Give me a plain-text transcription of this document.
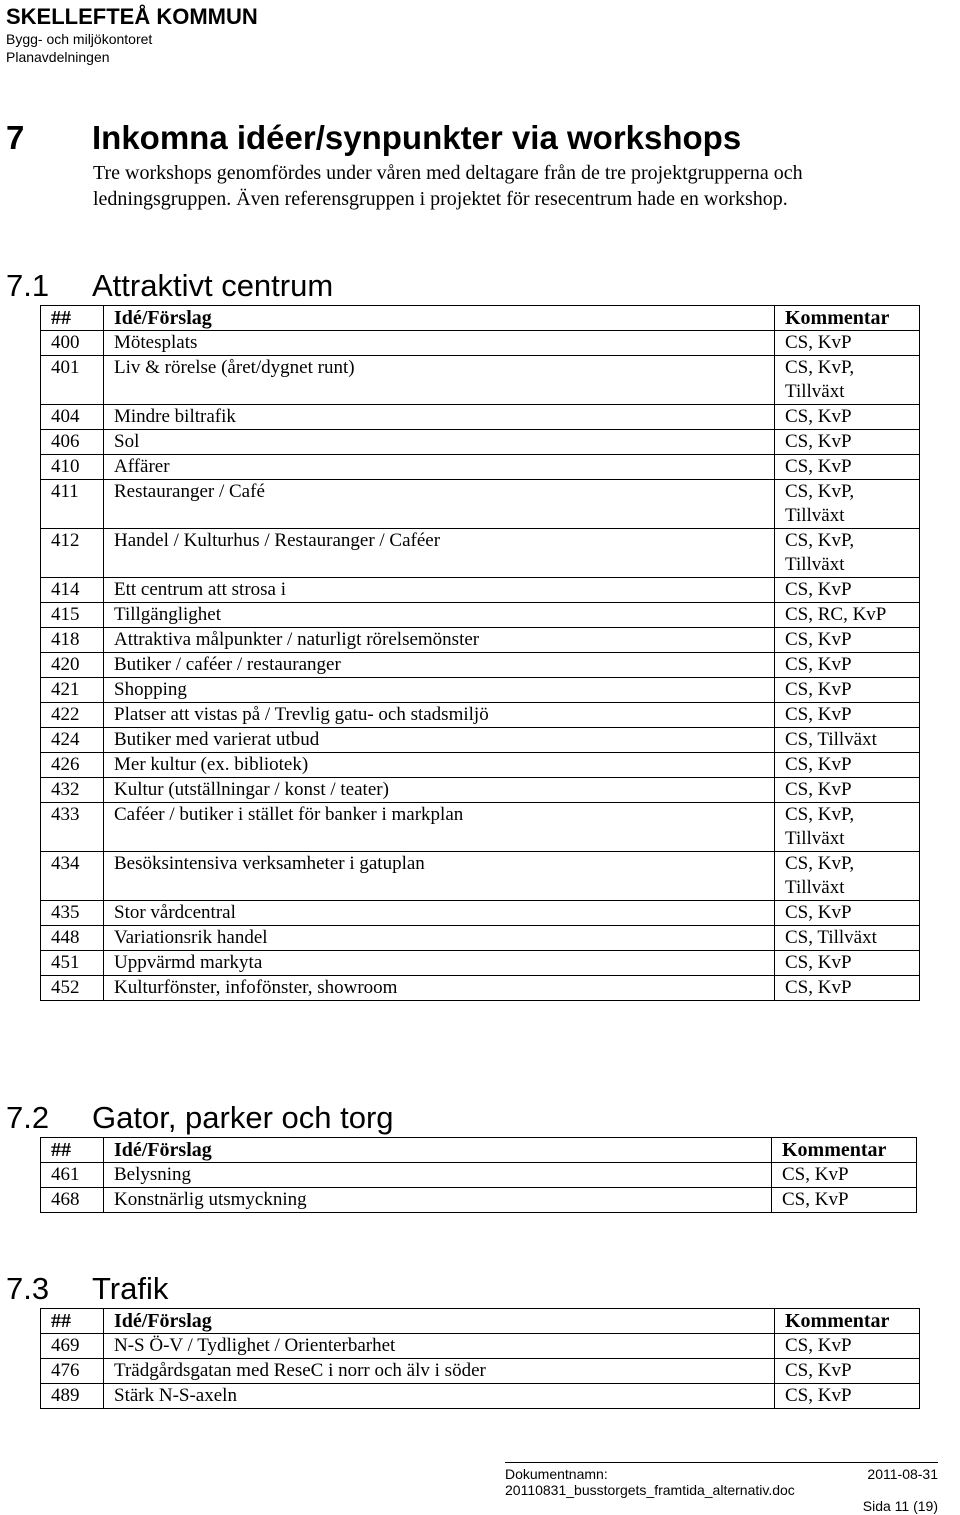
SKELLEFTEÅ KOMMUN
Bygg- och miljökontoret
Planavdelningen
7 Inkomna idéer/synpunkter via workshops
Tre workshops genomfördes under våren med deltagare från de tre projektgrupperna och ledningsgruppen. Även referensgruppen i projektet för resecentrum hade en workshop.
7.1 Attraktivt centrum
##	Idé/Förslag	Kommentar
400	Mötesplats	CS, KvP
401	Liv & rörelse (året/dygnet runt)	CS, KvP, Tillväxt
404	Mindre biltrafik	CS, KvP
406	Sol	CS, KvP
410	Affärer	CS, KvP
411	Restauranger / Café	CS, KvP, Tillväxt
412	Handel / Kulturhus / Restauranger / Caféer	CS, KvP, Tillväxt
414	Ett centrum att strosa i	CS, KvP
415	Tillgänglighet	CS, RC, KvP
418	Attraktiva målpunkter / naturligt rörelsemönster	CS, KvP
420	Butiker / caféer / restauranger	CS, KvP
421	Shopping	CS, KvP
422	Platser att vistas på / Trevlig gatu- och stadsmiljö	CS, KvP
424	Butiker med varierat utbud	CS, Tillväxt
426	Mer kultur (ex. bibliotek)	CS, KvP
432	Kultur (utställningar / konst / teater)	CS, KvP
433	Caféer / butiker i stället för banker i markplan	CS, KvP, Tillväxt
434	Besöksintensiva verksamheter i gatuplan	CS, KvP, Tillväxt
435	Stor vårdcentral	CS, KvP
448	Variationsrik handel	CS, Tillväxt
451	Uppvärmd markyta	CS, KvP
452	Kulturfönster, infofönster, showroom	CS, KvP
7.2 Gator, parker och torg
##	Idé/Förslag	Kommentar
461	Belysning	CS, KvP
468	Konstnärlig utsmyckning	CS, KvP
7.3 Trafik
##	Idé/Förslag	Kommentar
469	N-S Ö-V / Tydlighet / Orienterbarhet	CS, KvP
476	Trädgårdsgatan med ReseC i norr och älv i söder	CS, KvP
489	Stärk N-S-axeln	CS, KvP
Dokumentnamn:	2011-08-31
20110831_busstorgets_framtida_alternativ.doc
Sida 11 (19)
